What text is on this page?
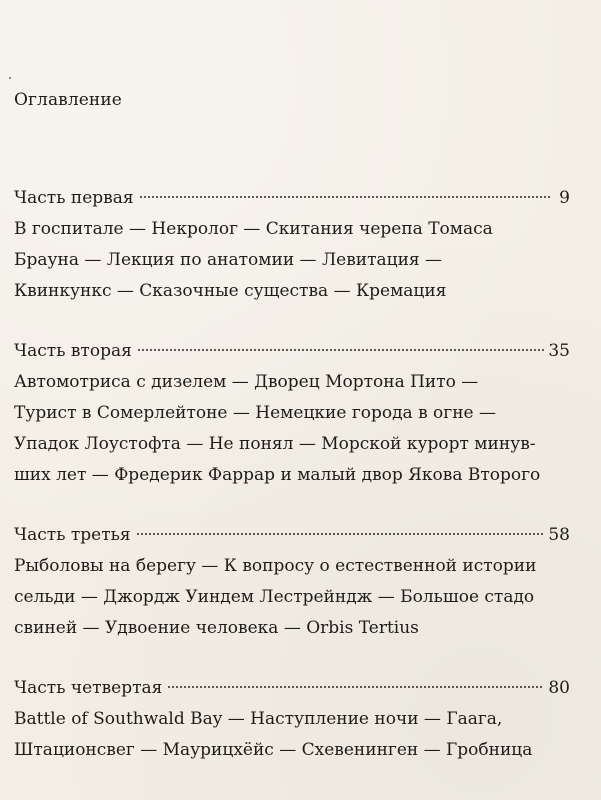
Оглавление
Часть первая	9
В госпитале — Некролог — Скитания черепа Томаса
Брауна — Лекция по анатомии — Левитация —
Квинкункс — Сказочные существа — Кремация
Часть вторая	35
Автомотриса с дизелем — Дворец Мортона Пито —
Турист в Сомерлейтоне — Немецкие города в огне —
Упадок Лоустофта — Не понял — Морской курорт минув-
ших лет — Фредерик Фаррар и малый двор Якова Второго
Часть третья	58
Рыболовы на берегу — К вопросу о естественной истории
сельди — Джордж Уиндем Лестрейндж — Большое стадо
свиней — Удвоение человека — Orbis Tertius
Часть четвертая	80
Battle of Southwald Bay — Наступление ночи — Гаага,
Штационсвег — Маурицхёйс — Схевенинген — Гробница
